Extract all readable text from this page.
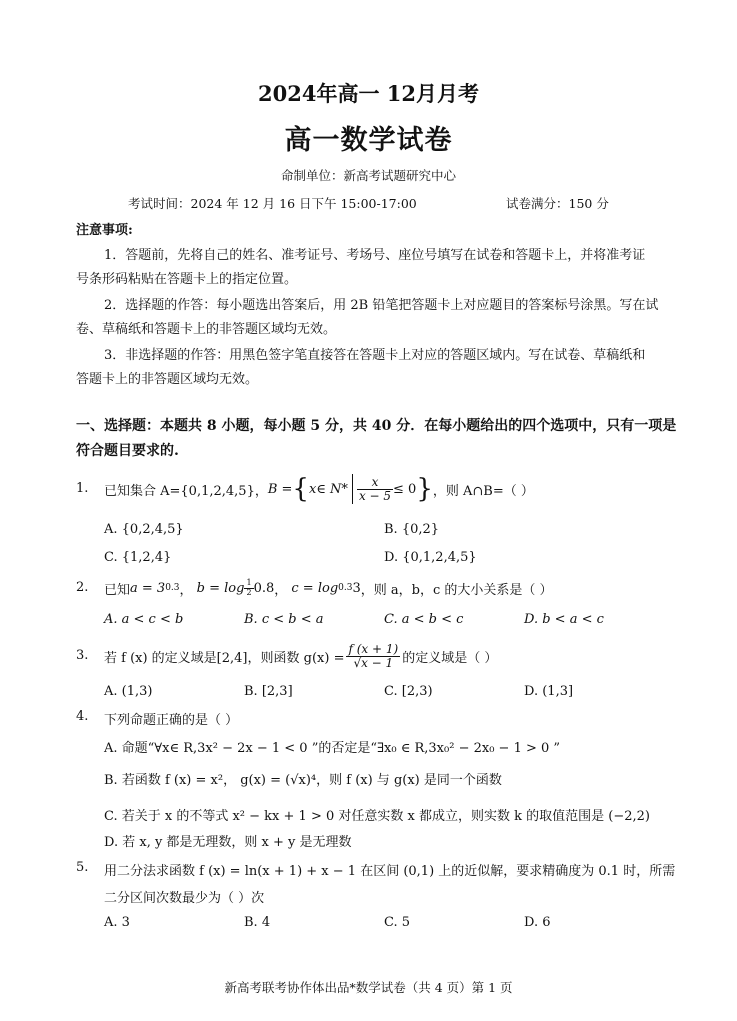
2024年高一 12月月考
高一数学试卷
命制单位：新高考试题研究中心
考试时间：2024 年 12 月 16 日下午 15:00-17:00	试卷满分：150 分
注意事项:
1．答题前，先将自己的姓名、准考证号、考场号、座位号填写在试卷和答题卡上，并将准考证
号条形码粘贴在答题卡上的指定位置。
2．选择题的作答：每小题选出答案后，用 2B 铅笔把答题卡上对应题目的答案标号涂黑。写在试
卷、草稿纸和答题卡上的非答题区域均无效。
3．非选择题的作答：用黑色签字笔直接答在答题卡上对应的答题区域内。写在试卷、草稿纸和
答题卡上的非答题区域均无效。
一、选择题：本题共 8 小题，每小题 5 分，共 40 分．在每小题给出的四个选项中，只有一项是
符合题目要求的.
1. 已知集合 A={0,1,2,4,5}， B = { x∈ $N* \frac{x}{x - 5} \le 0$ } ，则 A∩B=（ ）
A. {0,2,4,5}	B. {0,2}
C. {1,2,4}	D. {0,1,2,4,5}
2. 已知 a = 3 0.3 ， $b = \log \frac{1}{2} 0.8$ ， c = log 0.3 3 ，则 a，b，c 的大小关系是（ ）
A. a < c < b	B. c < b < a	C. a < b < c	D. b < a < c
3. 若 f (x) 的定义域是[2,4]，则函数 $g(x) = \frac{f (x + 1)}{√x - 1}$ 的定义域是（ ）
A. (1,3)	B. [2,3]	C. [2,3)	D. (1,3]
4. 下列命题正确的是（ ）
A. 命题“∀x∈ R,3x² − 2x − 1 < 0 ”的否定是“∃x₀ ∈ R,3x₀² − 2x₀ − 1 > 0 ”
B. 若函数 f (x) = x²， g(x) = (√x)⁴，则 f (x) 与 g(x) 是同一个函数
C. 若关于 x 的不等式 x² − kx + 1 > 0 对任意实数 x 都成立，则实数 k 的取值范围是 (−2,2)
D. 若 x, y 都是无理数，则 x + y 是无理数
5. 用二分法求函数 f (x) = ln(x + 1) + x − 1 在区间 (0,1) 上的近似解，要求精确度为 0.1 时，所需
二分区间次数最少为（ ）次
A. 3	B. 4	C. 5	D. 6
新高考联考协作体出品*数学试卷（共 4 页）第 1 页
